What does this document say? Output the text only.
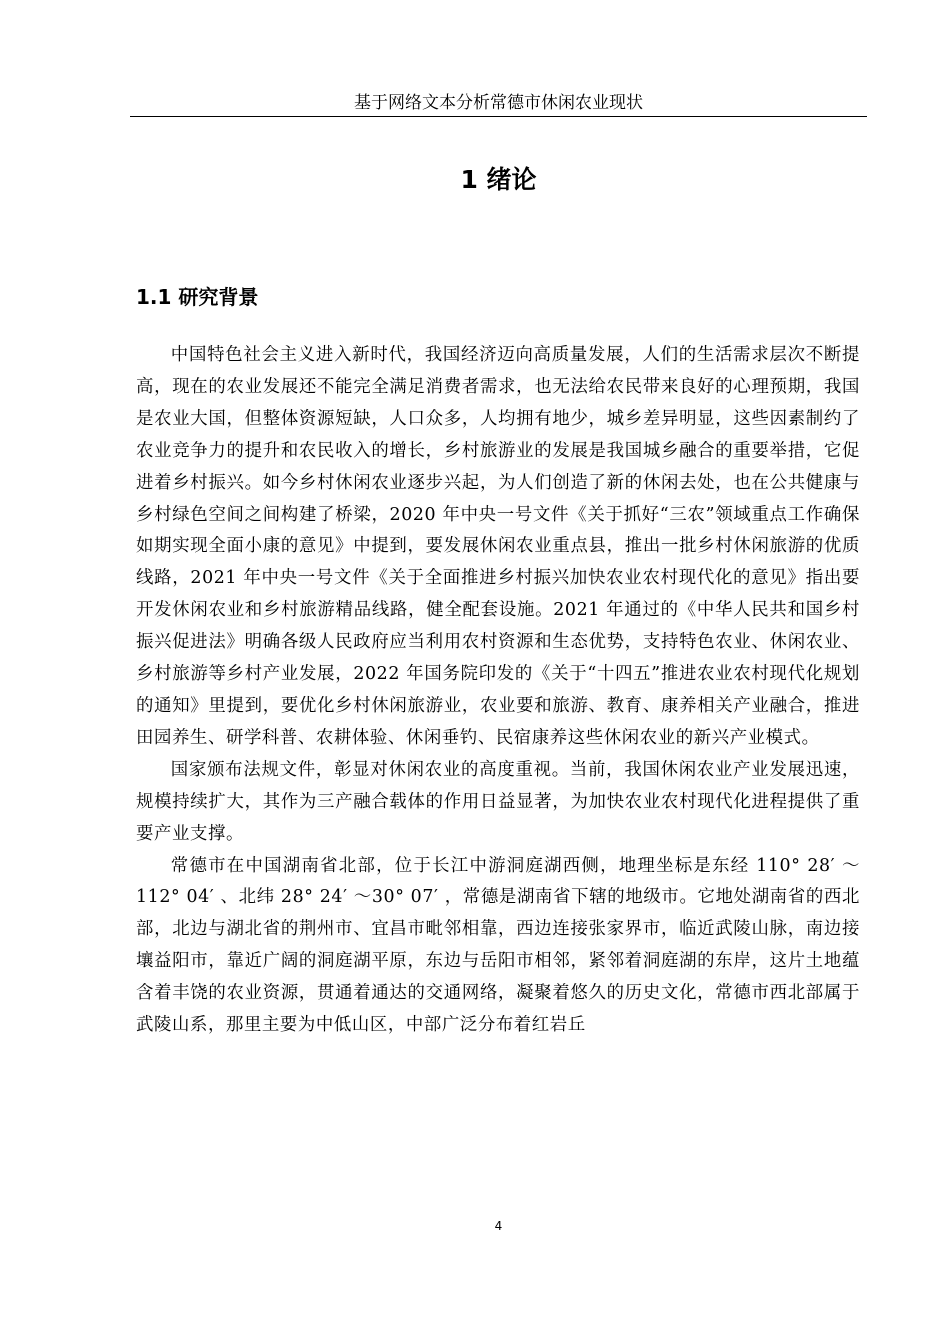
基于网络文本分析常德市休闲农业现状
1 绪论
1.1 研究背景

中国特色社会主义进入新时代，我国经济迈向高质量发展，人们的生活需求层次不断提高，现在的农业发展还不能完全满足消费者需求，也无法给农民带来良好的心理预期，我国是农业大国，但整体资源短缺，人口众多，人均拥有地少，城乡差异明显，这些因素制约了农业竞争力的提升和农民收入的增长，乡村旅游业的发展是我国城乡融合的重要举措，它促进着乡村振兴。如今乡村休闲农业逐步兴起，为人们创造了新的休闲去处，也在公共健康与乡村绿色空间之间构建了桥梁，2020 年中央一号文件《关于抓好“三农”领域重点工作确保如期实现全面小康的意见》中提到，要发展休闲农业重点县，推出一批乡村休闲旅游的优质线路，2021 年中央一号文件《关于全面推进乡村振兴加快农业农村现代化的意见》指出要开发休闲农业和乡村旅游精品线路，健全配套设施。2021 年通过的《中华人民共和国乡村振兴促进法》明确各级人民政府应当利用农村资源和生态优势，支持特色农业、休闲农业、乡村旅游等乡村产业发展，2022 年国务院印发的《关于“十四五”推进农业农村现代化规划的通知》里提到，要优化乡村休闲旅游业，农业要和旅游、教育、康养相关产业融合，推进田园养生、研学科普、农耕体验、休闲垂钓、民宿康养这些休闲农业的新兴产业模式。

国家颁布法规文件，彰显对休闲农业的高度重视。当前，我国休闲农业产业发展迅速，规模持续扩大，其作为三产融合载体的作用日益显著，为加快农业农村现代化进程提供了重要产业支撑。

常德市在中国湖南省北部，位于长江中游洞庭湖西侧，地理坐标是东经 110° 28′ ～112° 04′ 、北纬 28° 24′ ～30° 07′ ，常德是湖南省下辖的地级市。它地处湖南省的西北部，北边与湖北省的荆州市、宜昌市毗邻相靠，西边连接张家界市，临近武陵山脉，南边接壤益阳市，靠近广阔的洞庭湖平原，东边与岳阳市相邻，紧邻着洞庭湖的东岸，这片土地蕴含着丰饶的农业资源，贯通着通达的交通网络，凝聚着悠久的历史文化，常德市西北部属于武陵山系，那里主要为中低山区，中部广泛分布着红岩丘

4
